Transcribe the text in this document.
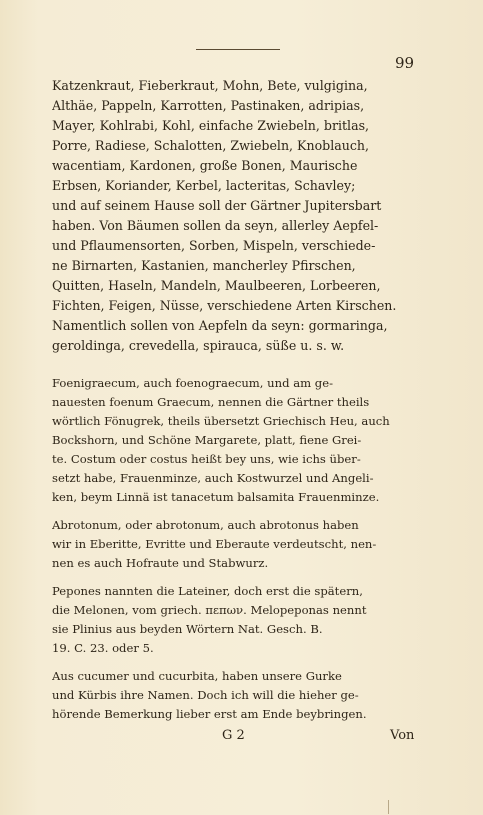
99
Katzenkraut, Fieberkraut, Mohn, Bete, vulgigina,
Althäe, Pappeln, Karrotten, Pastinaken, adripias,
Mayer, Kohlrabi, Kohl, einfache Zwiebeln, britlas,
Porre, Radiese, Schalotten, Zwiebeln, Knoblauch,
wacentiam, Kardonen, große Bonen, Maurische
Erbsen, Koriander, Kerbel, lacteritas, Schavley;
und auf seinem Hause soll der Gärtner Jupitersbart
haben. Von Bäumen sollen da seyn, allerley Aepfel-
und Pflaumensorten, Sorben, Mispeln, verschiede-
ne Birnarten, Kastanien, mancherley Pfirschen,
Quitten, Haseln, Mandeln, Maulbeeren, Lorbeeren,
Fichten, Feigen, Nüsse, verschiedene Arten Kirschen.
Namentlich sollen von Aepfeln da seyn: gormaringa,
geroldinga, crevedella, spirauca, süße u. s. w.
Foenigraecum, auch foenograecum, und am ge-
nauesten foenum Graecum, nennen die Gärtner theils
wörtlich Fönugrek, theils übersetzt Griechisch Heu, auch
Bockshorn, und Schöne Margarete, platt, fiene Grei-
te. Costum oder costus heißt bey uns, wie ichs über-
setzt habe, Frauenminze, auch Kostwurzel und Angeli-
ken, beym Linnä ist tanacetum balsamita Frauenminze.
Abrotonum, oder abrotonum, auch abrotonus haben
wir in Eberitte, Evritte und Eberaute verdeutscht, nen-
nen es auch Hofraute und Stabwurz.
Pepones nannten die Lateiner, doch erst die spätern,
die Melonen, vom griech. πεπων. Melopeponas nennt
sie Plinius aus beyden Wörtern Nat. Gesch. B.
19. C. 23. oder 5.
Aus cucumer und cucurbita, haben unsere Gurke
und Kürbis ihre Namen. Doch ich will die hieher ge-
hörende Bemerkung lieber erst am Ende beybringen.
G 2	Von
